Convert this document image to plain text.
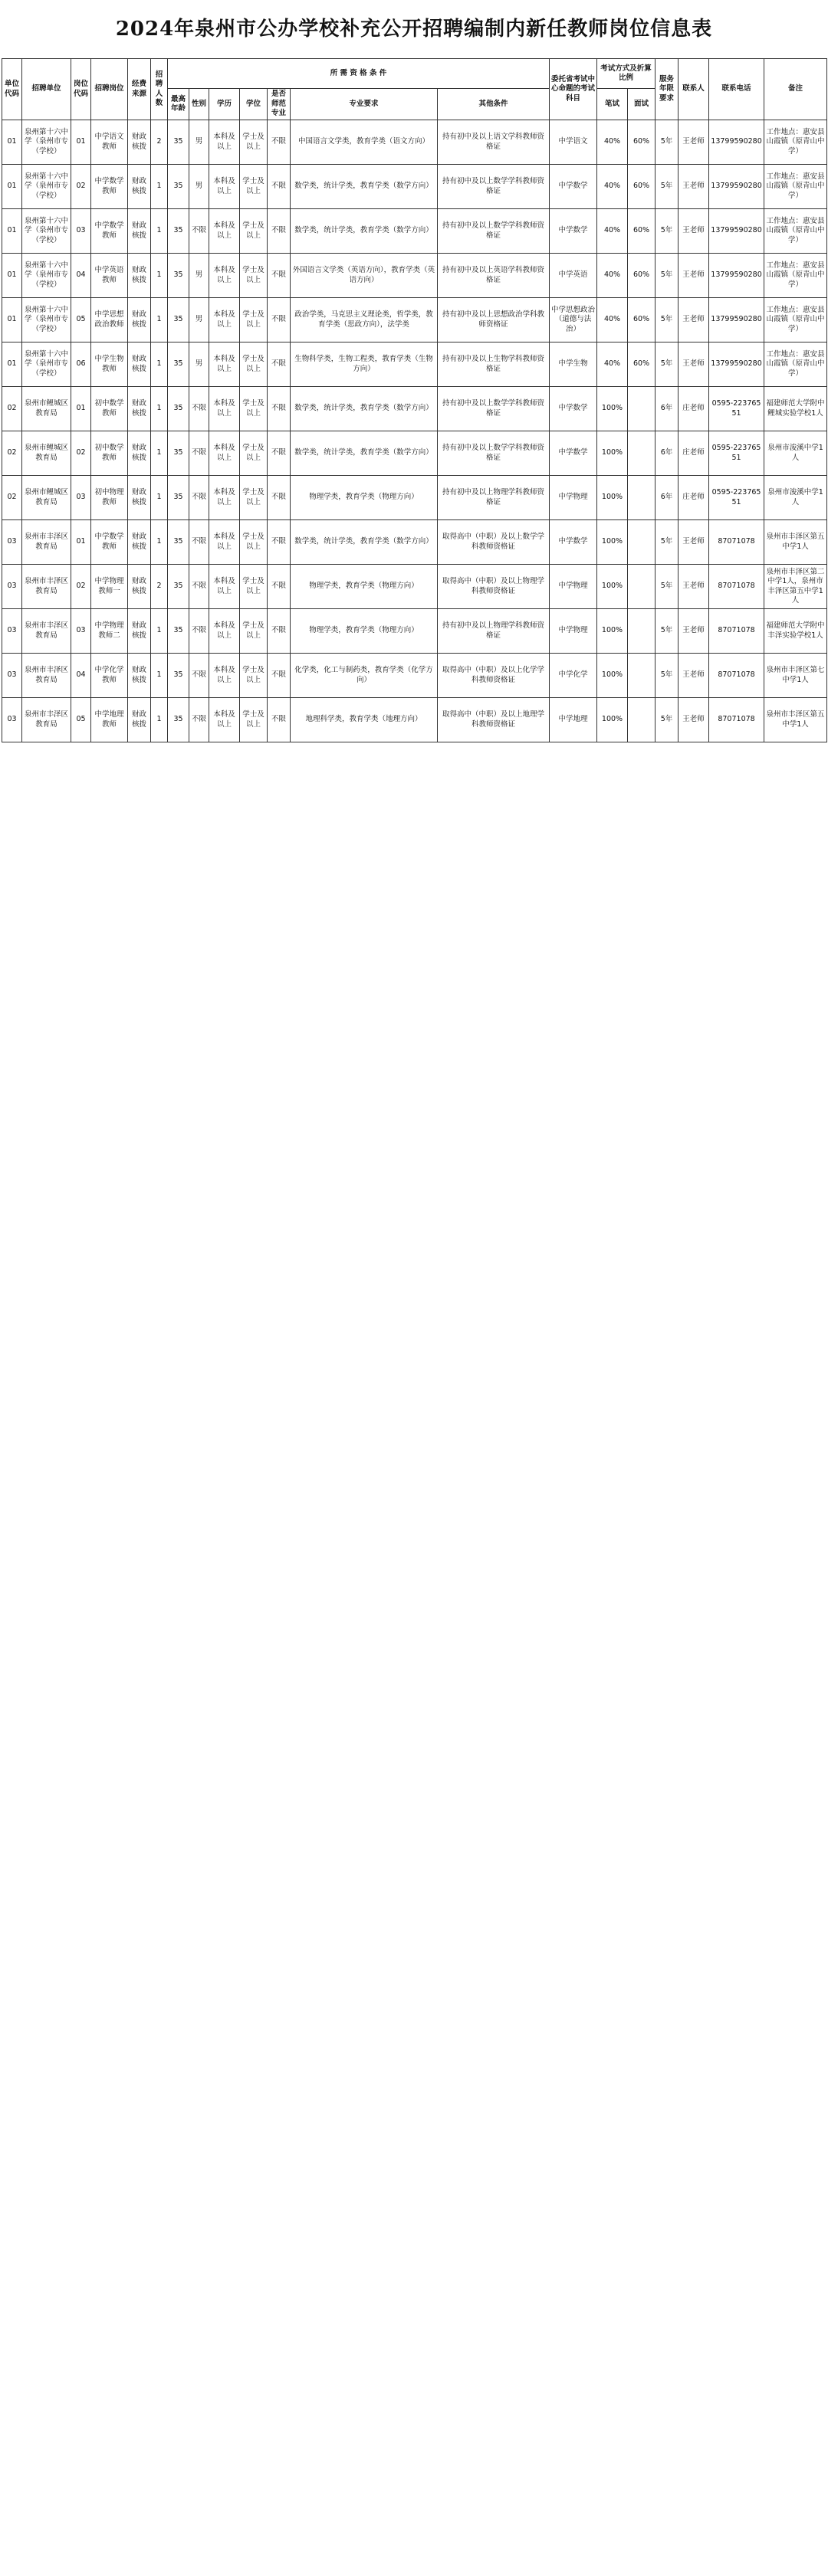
2024年泉州市公办学校补充公开招聘编制内新任教师岗位信息表
单位代码	招聘单位	岗位代码	招聘岗位	经费来源	招聘人数	所 需 资 格 条 件							委托省考试中心命题的考试科目	考试方式及折算比例		服务年限要求	联系人	联系电话	备注
						最高年龄	性别	学历	学位	是否师范专业	专业要求	其他条件		笔试	面试				
01	泉州第十六中学（泉州市专（学校）	01	中学语文教师	财政核拨	2	35	男	本科及以上	学士及以上	不限	中国语言文学类，教育学类（语文方向）	持有初中及以上语文学科教师资格证	中学语文	40%	60%	5年	王老师	13799590280	工作地点：惠安县山霞镇（原青山中学）
01	泉州第十六中学（泉州市专（学校）	02	中学数学教师	财政核拨	1	35	男	本科及以上	学士及以上	不限	数学类，统计学类，教育学类（数学方向）	持有初中及以上数学学科教师资格证	中学数学	40%	60%	5年	王老师	13799590280	工作地点：惠安县山霞镇（原青山中学）
01	泉州第十六中学（泉州市专（学校）	03	中学数学教师	财政核拨	1	35	不限	本科及以上	学士及以上	不限	数学类，统计学类，教育学类（数学方向）	持有初中及以上数学学科教师资格证	中学数学	40%	60%	5年	王老师	13799590280	工作地点：惠安县山霞镇（原青山中学）
01	泉州第十六中学（泉州市专（学校）	04	中学英语教师	财政核拨	1	35	男	本科及以上	学士及以上	不限	外国语言文学类（英语方向），教育学类（英语方向）	持有初中及以上英语学科教师资格证	中学英语	40%	60%	5年	王老师	13799590280	工作地点：惠安县山霞镇（原青山中学）
01	泉州第十六中学（泉州市专（学校）	05	中学思想政治教师	财政核拨	1	35	男	本科及以上	学士及以上	不限	政治学类，马克思主义理论类，哲学类，教育学类（思政方向），法学类	持有初中及以上思想政治学科教师资格证	中学思想政治（道德与法治）	40%	60%	5年	王老师	13799590280	工作地点：惠安县山霞镇（原青山中学）
01	泉州第十六中学（泉州市专（学校）	06	中学生物教师	财政核拨	1	35	男	本科及以上	学士及以上	不限	生物科学类，生物工程类，教育学类（生物方向）	持有初中及以上生物学科教师资格证	中学生物	40%	60%	5年	王老师	13799590280	工作地点：惠安县山霞镇（原青山中学）
02	泉州市鲤城区教育局	01	初中数学教师	财政核拨	1	35	不限	本科及以上	学士及以上	不限	数学类，统计学类，教育学类（数学方向）	持有初中及以上数学学科教师资格证	中学数学	100%		6年	庄老师	0595-22376551	福建师范大学附中鲤城实验学校1人
02	泉州市鲤城区教育局	02	初中数学教师	财政核拨	1	35	不限	本科及以上	学士及以上	不限	数学类，统计学类，教育学类（数学方向）	持有初中及以上数学学科教师资格证	中学数学	100%		6年	庄老师	0595-22376551	泉州市浚溪中学1人
02	泉州市鲤城区教育局	03	初中物理教师	财政核拨	1	35	不限	本科及以上	学士及以上	不限	物理学类，教育学类（物理方向）	持有初中及以上物理学科教师资格证	中学物理	100%		6年	庄老师	0595-22376551	泉州市浚溪中学1人
03	泉州市丰泽区教育局	01	中学数学教师	财政核拨	1	35	不限	本科及以上	学士及以上	不限	数学类，统计学类，教育学类（数学方向）	取得高中（中职）及以上数学学科教师资格证	中学数学	100%		5年	王老师	87071078	泉州市丰泽区第五中学1人
03	泉州市丰泽区教育局	02	中学物理教师一	财政核拨	2	35	不限	本科及以上	学士及以上	不限	物理学类，教育学类（物理方向）	取得高中（中职）及以上物理学科教师资格证	中学物理	100%		5年	王老师	87071078	泉州市丰泽区第二中学1人，泉州市丰泽区第五中学1人
03	泉州市丰泽区教育局	03	中学物理教师二	财政核拨	1	35	不限	本科及以上	学士及以上	不限	物理学类，教育学类（物理方向）	持有初中及以上物理学科教师资格证	中学物理	100%		5年	王老师	87071078	福建师范大学附中丰泽实验学校1人
03	泉州市丰泽区教育局	04	中学化学教师	财政核拨	1	35	不限	本科及以上	学士及以上	不限	化学类，化工与制药类，教育学类（化学方向）	取得高中（中职）及以上化学学科教师资格证	中学化学	100%		5年	王老师	87071078	泉州市丰泽区第七中学1人
03	泉州市丰泽区教育局	05	中学地理教师	财政核拨	1	35	不限	本科及以上	学士及以上	不限	地理科学类，教育学类（地理方向）	取得高中（中职）及以上地理学科教师资格证	中学地理	100%		5年	王老师	87071078	泉州市丰泽区第五中学1人
